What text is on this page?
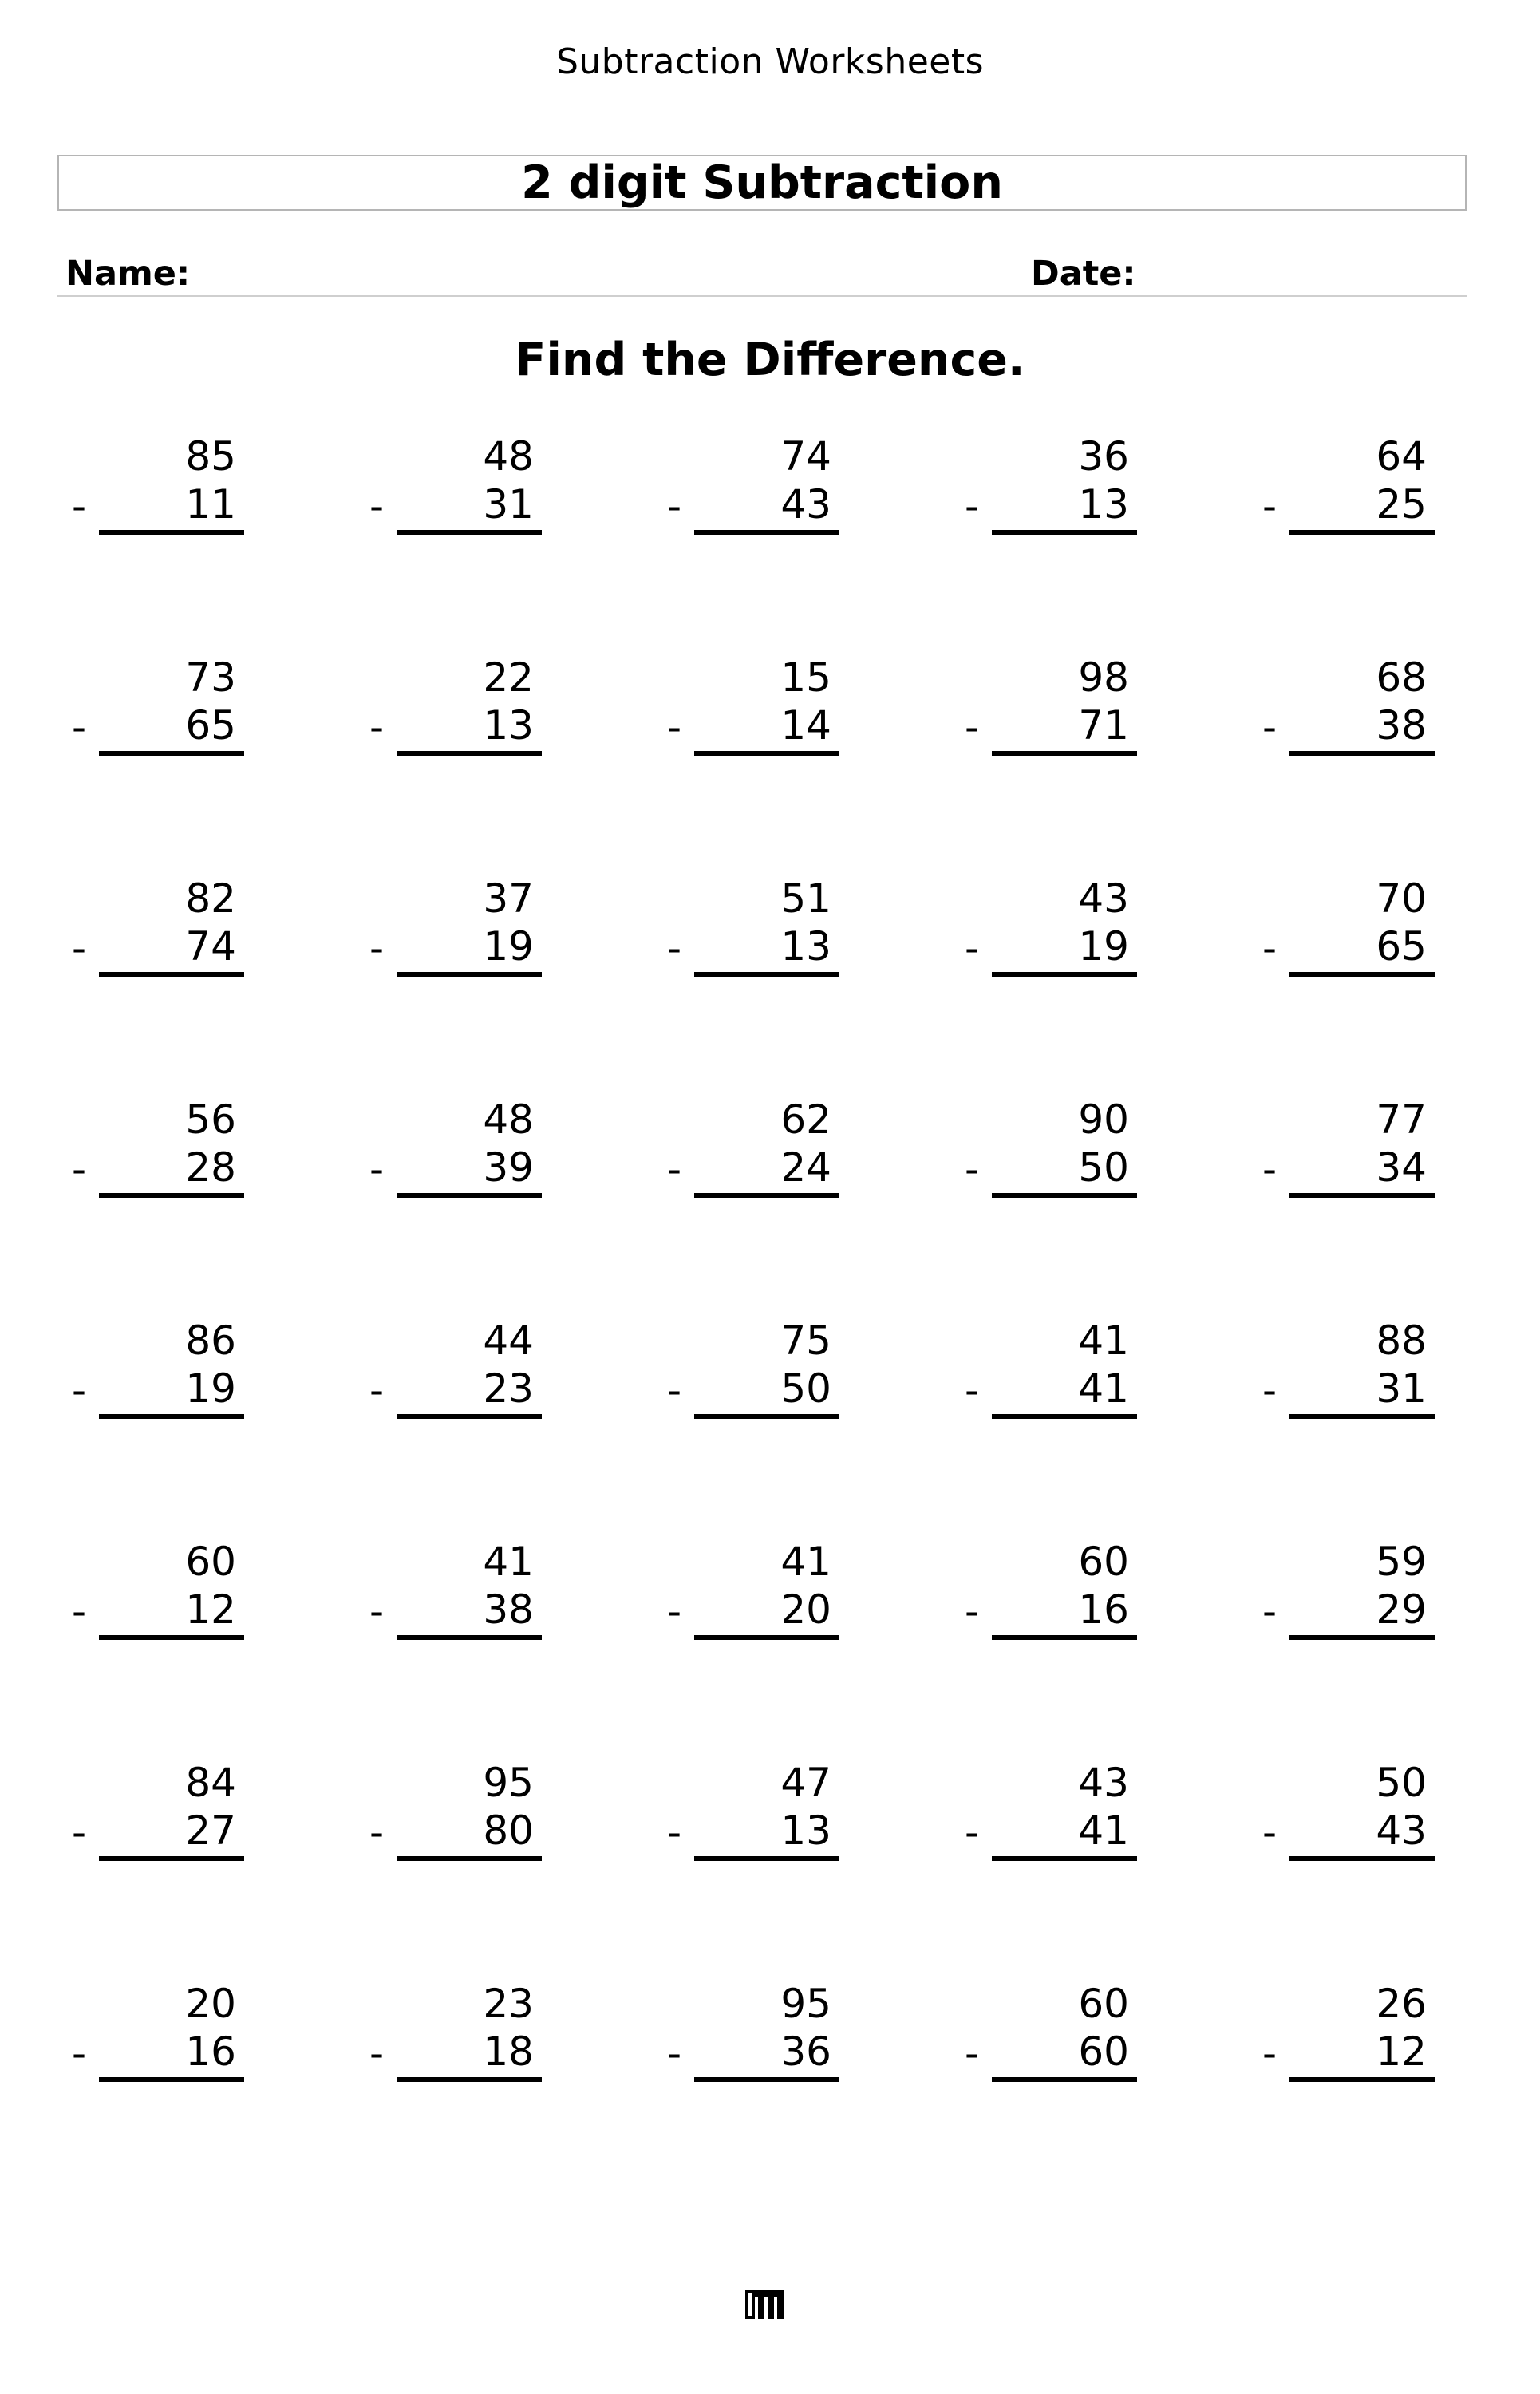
Subtraction Worksheets
2 digit Subtraction
Name:	Date:
Find the Difference.
85
- 11
48
- 31
74
- 43
36
- 13
64
- 25
73
- 65
22
- 13
15
- 14
98
- 71
68
- 38
82
- 74
37
- 19
51
- 13
43
- 19
70
- 65
56
- 28
48
- 39
62
- 24
90
- 50
77
- 34
86
- 19
44
- 23
75
- 50
41
- 41
88
- 31
60
- 12
41
- 38
41
- 20
60
- 16
59
- 29
84
- 27
95
- 80
47
- 13
43
- 41
50
- 43
20
- 16
23
- 18
95
- 36
60
- 60
26
- 12
